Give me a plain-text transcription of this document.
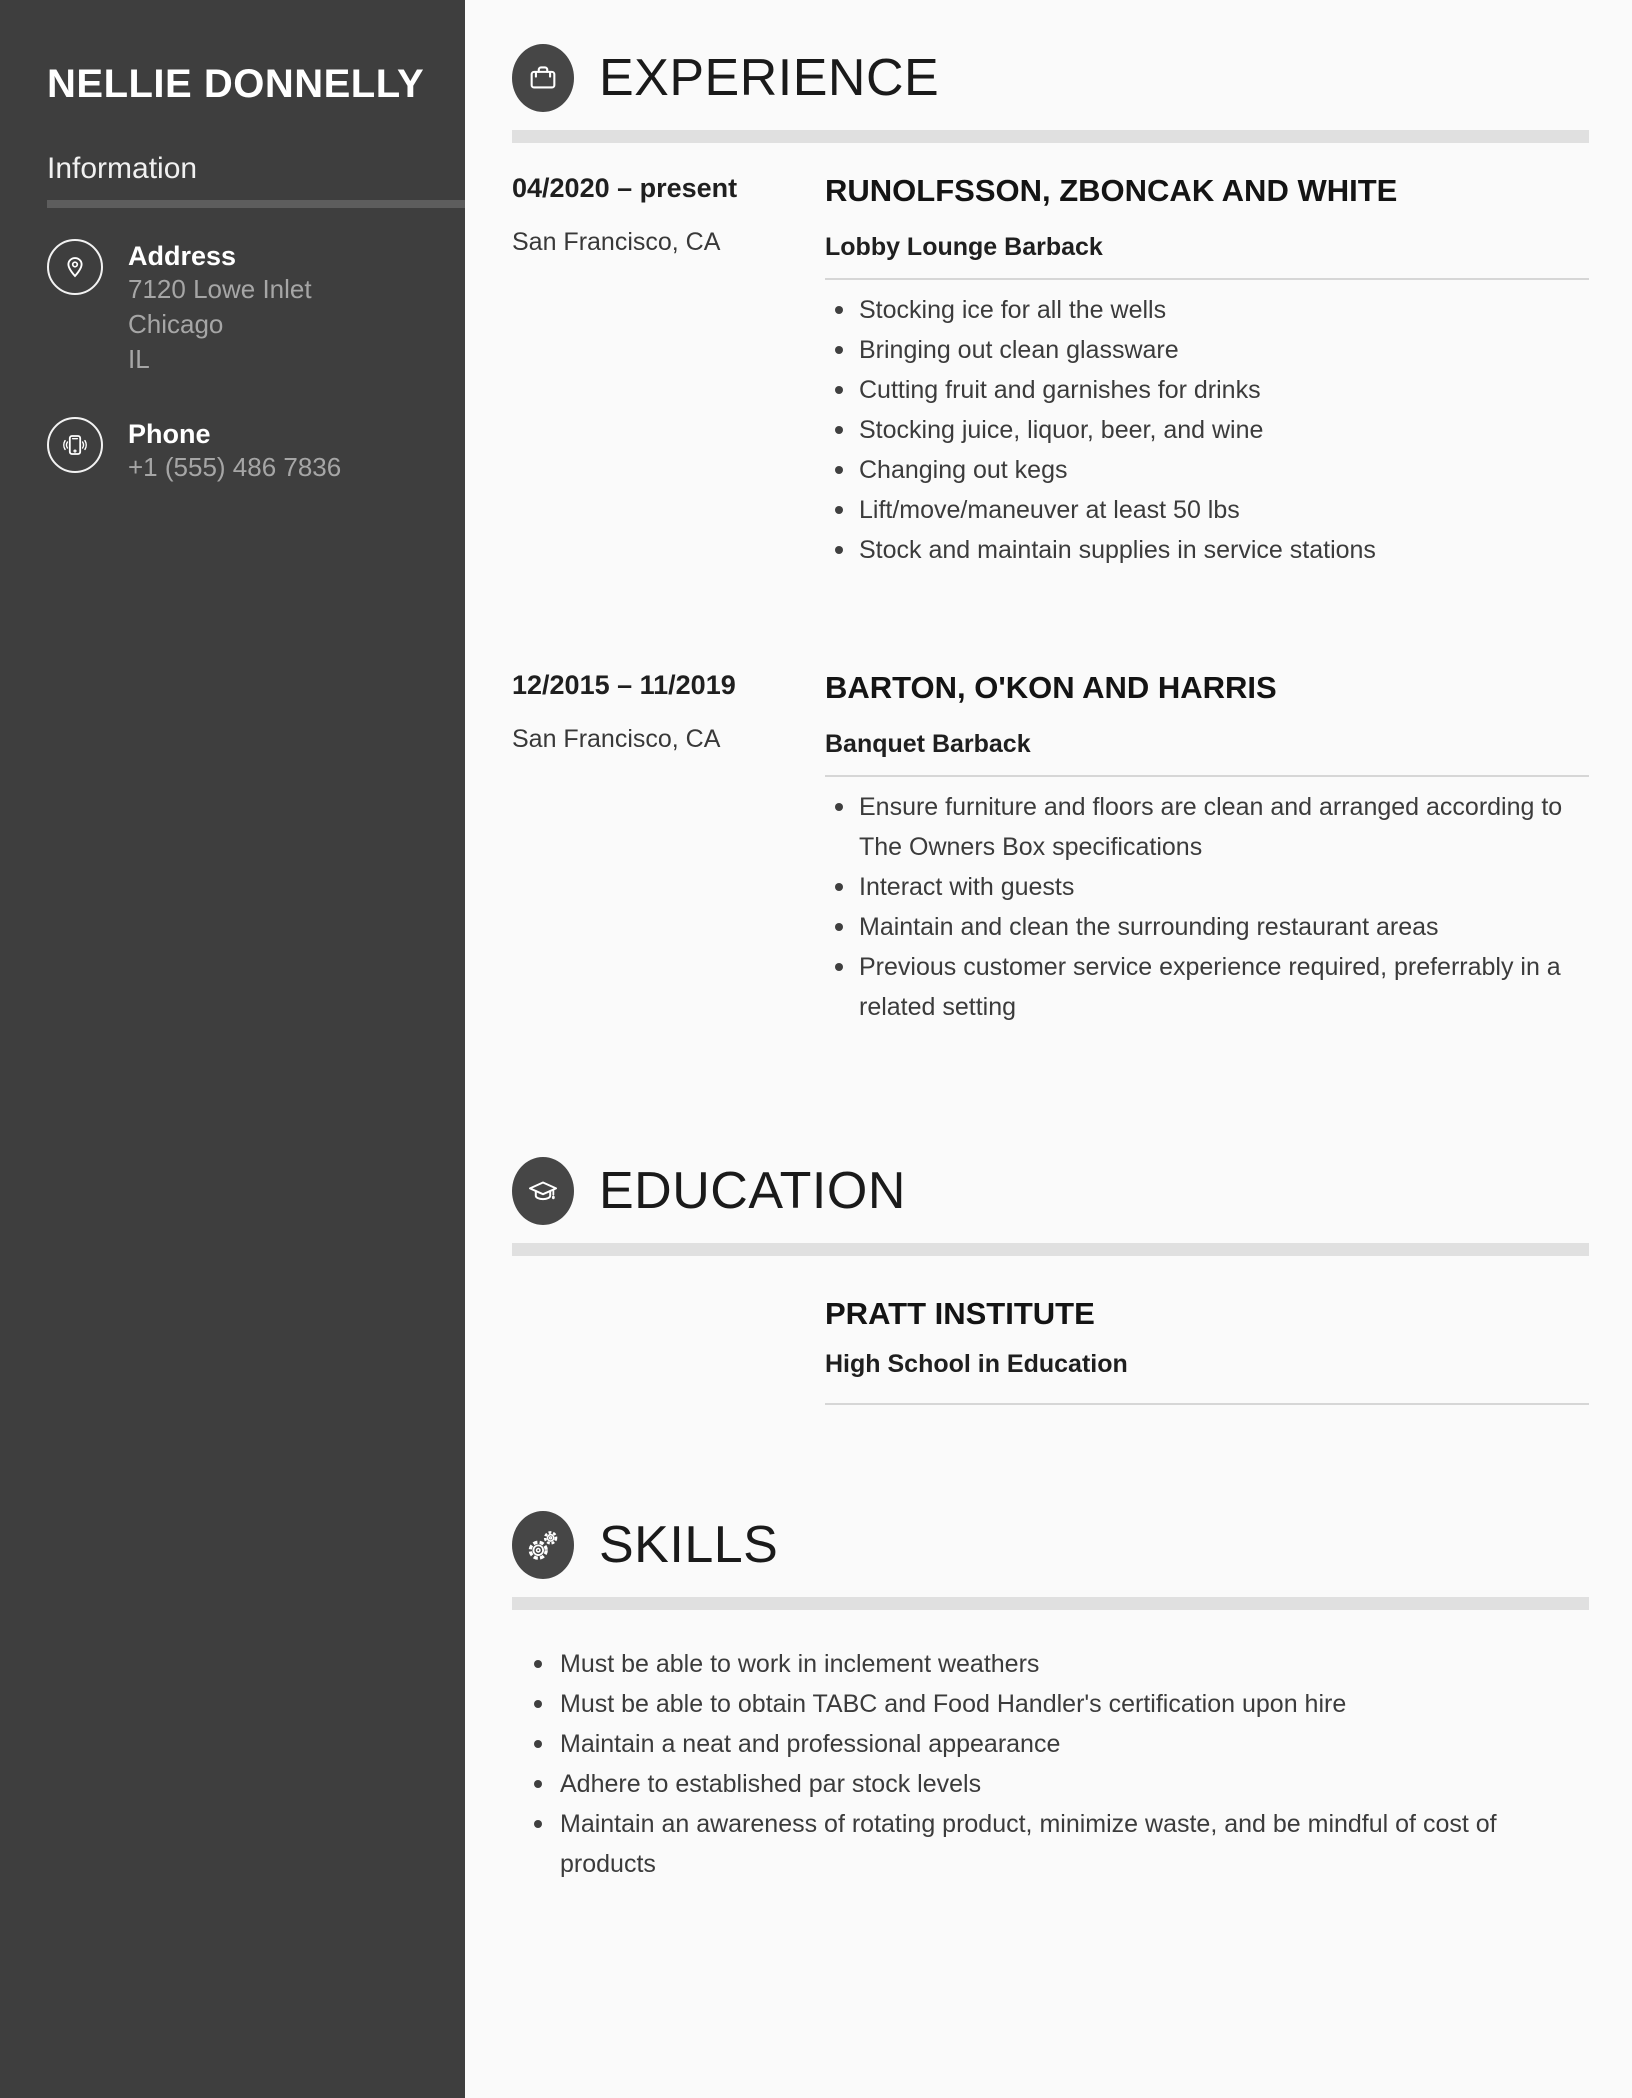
NELLIE DONNELLY
Information
Address
7120 Lowe Inlet
Chicago
IL
Phone
+1 (555) 486 7836
EXPERIENCE
04/2020 – present
San Francisco, CA
RUNOLFSSON, ZBONCAK AND WHITE
Lobby Lounge Barback
Stocking ice for all the wells
Bringing out clean glassware
Cutting fruit and garnishes for drinks
Stocking juice, liquor, beer, and wine
Changing out kegs
Lift/move/maneuver at least 50 lbs
Stock and maintain supplies in service stations
12/2015 – 11/2019
San Francisco, CA
BARTON, O'KON AND HARRIS
Banquet Barback
Ensure furniture and floors are clean and arranged according to The Owners Box specifications
Interact with guests
Maintain and clean the surrounding restaurant areas
Previous customer service experience required, preferrably in a related setting
EDUCATION
PRATT INSTITUTE
High School in Education
SKILLS
Must be able to work in inclement weathers
Must be able to obtain TABC and Food Handler's certification upon hire
Maintain a neat and professional appearance
Adhere to established par stock levels
Maintain an awareness of rotating product, minimize waste, and be mindful of cost of products
